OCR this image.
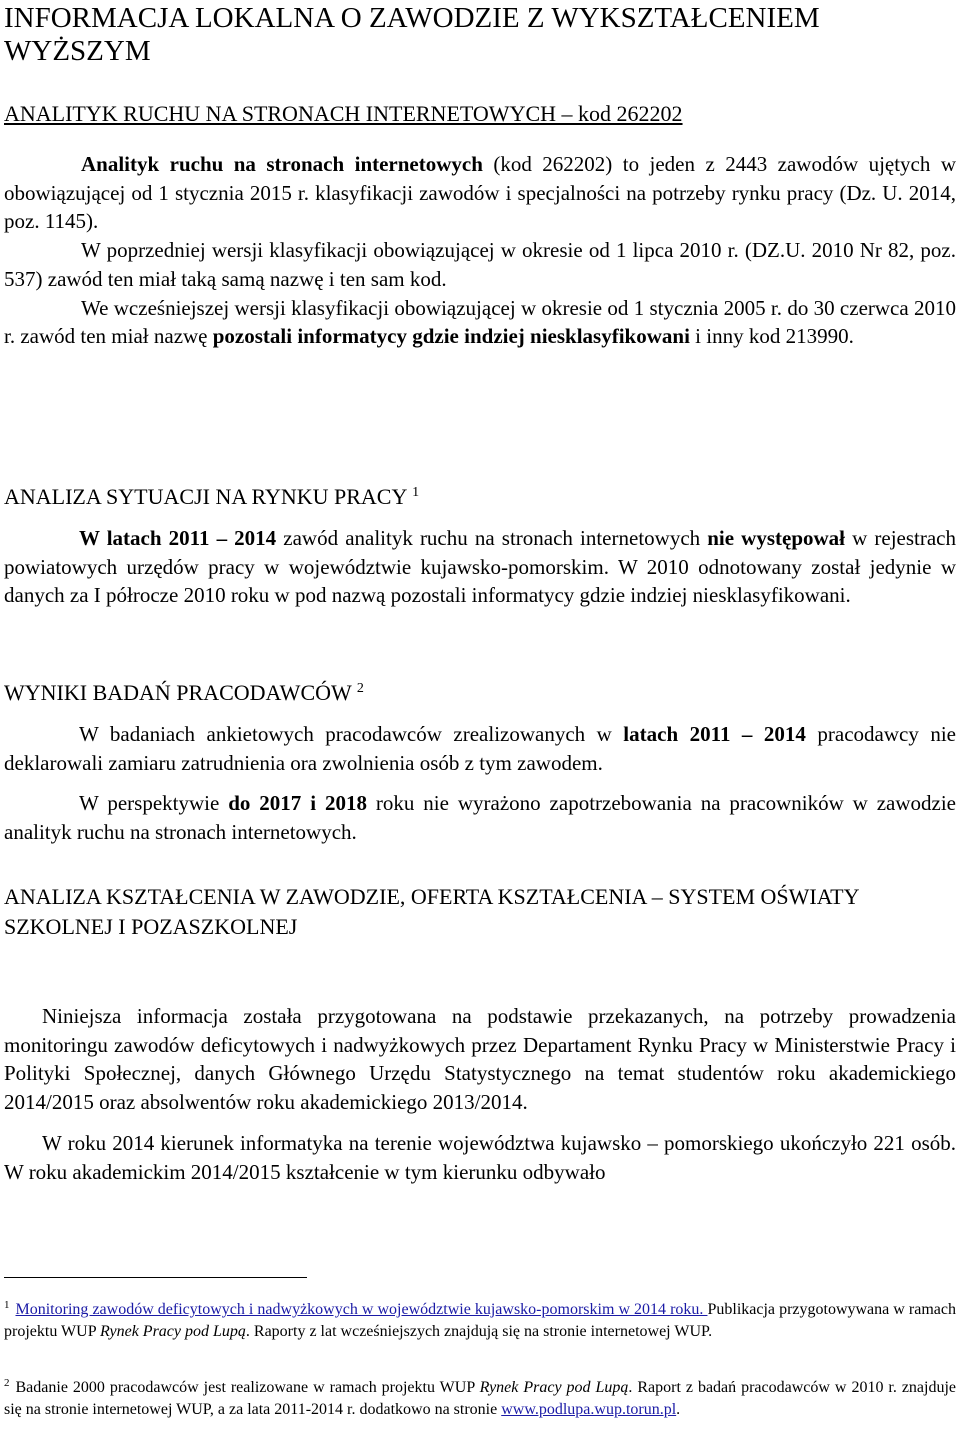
INFORMACJA LOKALNA O ZAWODZIE Z WYKSZTAŁCENIEM WYŻSZYM
ANALITYK RUCHU NA STRONACH INTERNETOWYCH – kod 262202

Analityk ruchu na stronach internetowych (kod 262202) to jeden z 2443 zawodów ujętych w obowiązującej od 1 stycznia 2015 r. klasyfikacji zawodów i specjalności na potrzeby rynku pracy (Dz. U. 2014, poz. 1145).

W poprzedniej wersji klasyfikacji obowiązującej w okresie od 1 lipca 2010 r. (DZ.U. 2010 Nr 82, poz. 537) zawód ten miał taką samą nazwę i ten sam kod.

We wcześniejszej wersji klasyfikacji obowiązującej w okresie od 1 stycznia 2005 r. do 30 czerwca 2010 r. zawód ten miał nazwę pozostali informatycy gdzie indziej niesklasyfikowani i inny kod 213990.

ANALIZA SYTUACJI NA RYNKU PRACY $^1$

W latach 2011 – 2014 zawód analityk ruchu na stronach internetowych nie występował w rejestrach powiatowych urzędów pracy w województwie kujawsko-pomorskim. W 2010 odnotowany został jedynie w danych za I półrocze 2010 roku w pod nazwą pozostali informatycy gdzie indziej niesklasyfikowani.

WYNIKI BADAŃ PRACODAWCÓW $^2$

W badaniach ankietowych pracodawców zrealizowanych w latach 2011 – 2014 pracodawcy nie deklarowali zamiaru zatrudnienia ora zwolnienia osób z tym zawodem.

W perspektywie do 2017 i 2018 roku nie wyrażono zapotrzebowania na pracowników w zawodzie analityk ruchu na stronach internetowych.

ANALIZA KSZTAŁCENIA W ZAWODZIE, OFERTA KSZTAŁCENIA – SYSTEM OŚWIATY SZKOLNEJ I POZASZKOLNEJ

Niniejsza informacja została przygotowana na podstawie przekazanych, na potrzeby prowadzenia monitoringu zawodów deficytowych i nadwyżkowych przez Departament Rynku Pracy w Ministerstwie Pracy i Polityki Społecznej, danych Głównego Urzędu Statystycznego na temat studentów roku akademickiego 2014/2015 oraz absolwentów roku akademickiego 2013/2014.

W roku 2014 kierunek informatyka na terenie województwa kujawsko – pomorskiego ukończyło 221 osób. W roku akademickim 2014/2015 kształcenie w tym kierunku odbywało

$^1$ Monitoring zawodów deficytowych i nadwyżkowych w województwie kujawsko-pomorskim w 2014 roku. Publikacja przygotowywana w ramach projektu WUP Rynek Pracy pod Lupą. Raporty z lat wcześniejszych znajdują się na stronie internetowej WUP.

$^2$ Badanie 2000 pracodawców jest realizowane w ramach projektu WUP Rynek Pracy pod Lupą. Raport z badań pracodawców w 2010 r. znajduje się na stronie internetowej WUP, a za lata 2011-2014 r. dodatkowo na stronie www.podlupa.wup.torun.pl.
